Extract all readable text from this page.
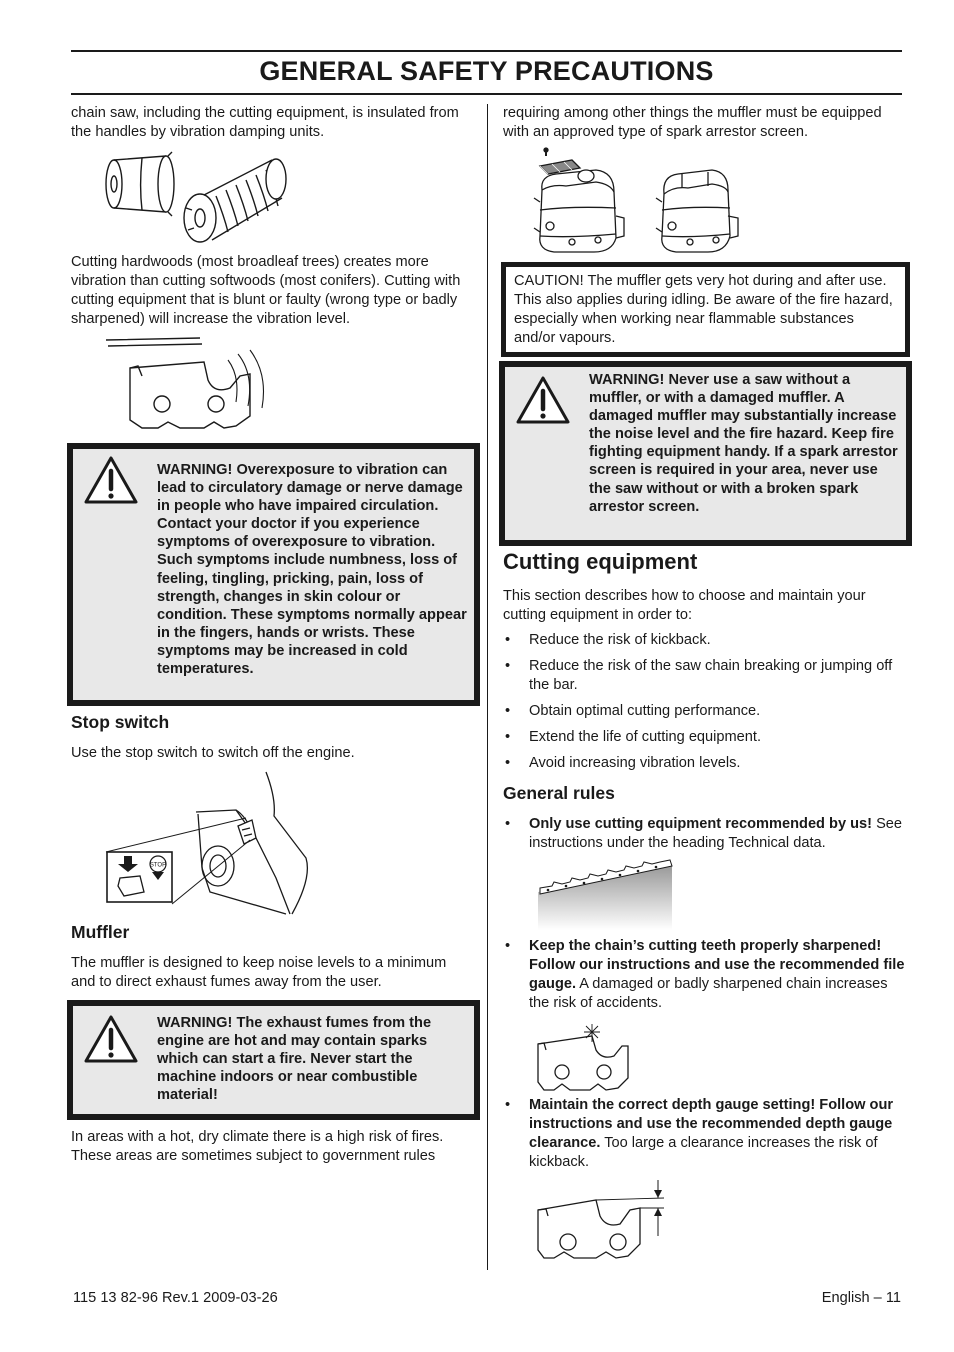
GENERAL SAFETY PRECAUTIONS
chain saw, including the cutting equipment, is insulated from the handles by vibration damping units.
Cutting hardwoods (most broadleaf trees) creates more vibration than cutting softwoods (most conifers). Cutting with cutting equipment that is blunt or faulty (wrong type or badly sharpened) will increase the vibration level.
WARNING! Overexposure to vibration can lead to circulatory damage or nerve damage in people who have impaired circulation. Contact your doctor if you experience symptoms of overexposure to vibration. Such symptoms include numbness, loss of feeling, tingling, pricking, pain, loss of strength, changes in skin colour or condition. These symptoms normally appear in the fingers, hands or wrists. These symptoms may be increased in cold temperatures.
Stop switch
Use the stop switch to switch off the engine.
STOP
Muffler
The muffler is designed to keep noise levels to a minimum and to direct exhaust fumes away from the user.
WARNING! The exhaust fumes from the engine are hot and may contain sparks which can start a fire. Never start the machine indoors or near combustible material!
In areas with a hot, dry climate there is a high risk of fires. These areas are sometimes subject to government rules
requiring among other things the muffler must be equipped with an approved type of spark arrestor screen.
CAUTION! The muffler gets very hot during and after use. This also applies during idling. Be aware of the fire hazard, especially when working near flammable substances and/or vapours.
WARNING! Never use a saw without a muffler, or with a damaged muffler. A damaged muffler may substantially increase the noise level and the fire hazard. Keep fire fighting equipment handy. If a spark arrestor screen is required in your area, never use the saw without or with a broken spark arrestor screen.
Cutting equipment
This section describes how to choose and maintain your cutting equipment in order to:
• Reduce the risk of kickback.
• Reduce the risk of the saw chain breaking or jumping off the bar.
• Obtain optimal cutting performance.
• Extend the life of cutting equipment.
• Avoid increasing vibration levels.
General rules
• Only use cutting equipment recommended by us! See instructions under the heading Technical data.
• Keep the chain’s cutting teeth properly sharpened! Follow our instructions and use the recommended file gauge. A damaged or badly sharpened chain increases the risk of accidents.
• Maintain the correct depth gauge setting! Follow our instructions and use the recommended depth gauge clearance. Too large a clearance increases the risk of kickback.
115 13 82-96 Rev.1 2009-03-26	English – 11
